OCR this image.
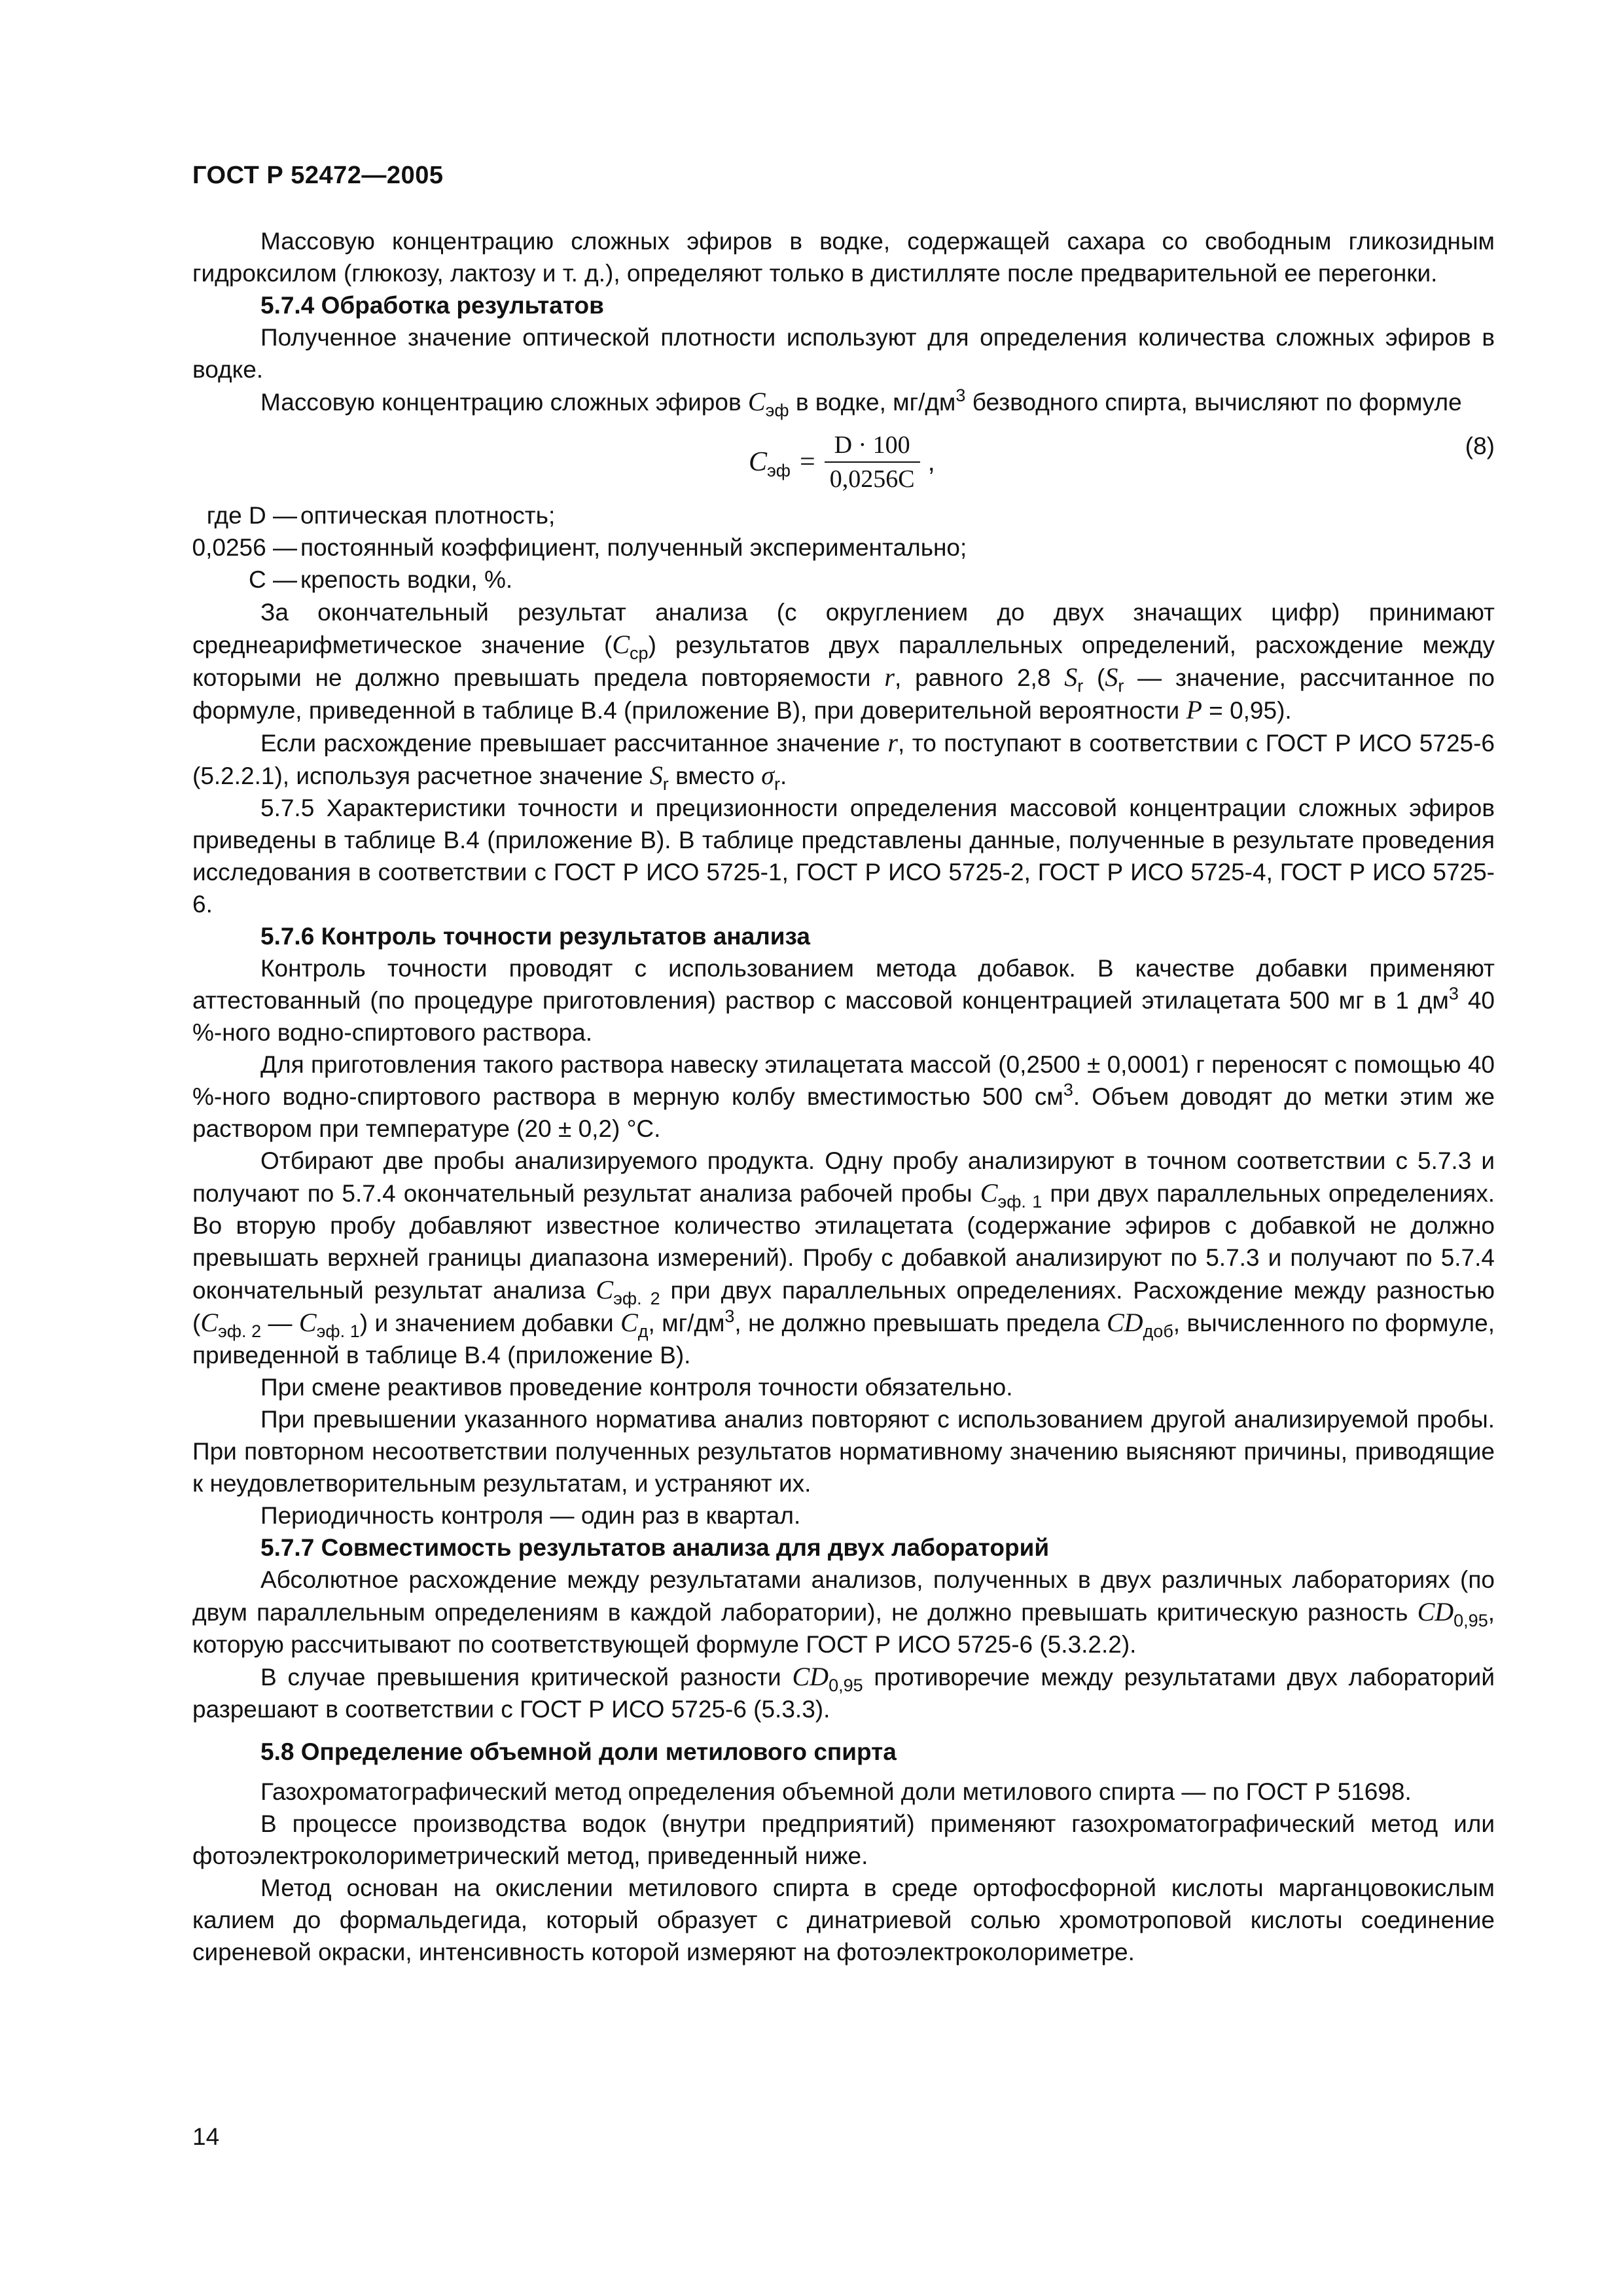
ГОСТ Р 52472—2005

Массовую концентрацию сложных эфиров в водке, содержащей сахара со свободным гликозидным гидроксилом (глюкозу, лактозу и т. д.), определяют только в дистилляте после предварительной ее перегонки.

5.7.4 Обработка результатов

Полученное значение оптической плотности используют для определения количества сложных эфиров в водке.

Массовую концентрацию сложных эфиров $C_{эф}$ в водке, $мг/дм^3$ безводного спирта, вычисляют по формуле

$C_{эф} = \frac{D \cdot 100}{0,0256C}$ ,
(8)
где D — оптическая плотность;
0,0256 — постоянный коэффициент, полученный экспериментально;
C — крепость водки, %.

За окончательный результат анализа (с округлением до двух значащих цифр) принимают среднеарифметическое значение $(C_{ср})$ результатов двух параллельных определений, расхождение между которыми не должно превышать предела повторяемости r, равного 2,8 $S_r$ ($S_r$ — значение, рассчитанное по формуле, приведенной в таблице В.4 (приложение В), при доверительной вероятности P = 0,95).

Если расхождение превышает рассчитанное значение r, то поступают в соответствии с ГОСТ Р ИСО 5725-6 (5.2.2.1), используя расчетное значение $S_r$ вместо $\sigma_r$.

5.7.5 Характеристики точности и прецизионности определения массовой концентрации сложных эфиров приведены в таблице В.4 (приложение В). В таблице представлены данные, полученные в результате проведения исследования в соответствии с ГОСТ Р ИСО 5725-1, ГОСТ Р ИСО 5725-2, ГОСТ Р ИСО 5725-4, ГОСТ Р ИСО 5725-6.

5.7.6 Контроль точности результатов анализа

Контроль точности проводят с использованием метода добавок. В качестве добавки применяют аттестованный (по процедуре приготовления) раствор с массовой концентрацией этилацетата 500 мг в 1 $дм^3$ 40 %-ного водно-спиртового раствора.

Для приготовления такого раствора навеску этилацетата массой (0,2500 ± 0,0001) г переносят с помощью 40 %-ного водно-спиртового раствора в мерную колбу вместимостью 500 $см^3$. Объем доводят до метки этим же раствором при температуре (20 ± 0,2) °С.

Отбирают две пробы анализируемого продукта. Одну пробу анализируют в точном соответствии с 5.7.3 и получают по 5.7.4 окончательный результат анализа рабочей пробы $C_{эф. 1}$ при двух параллельных определениях. Во вторую пробу добавляют известное количество этилацетата (содержание эфиров с добавкой не должно превышать верхней границы диапазона измерений). Пробу с добавкой анализируют по 5.7.3 и получают по 5.7.4 окончательный результат анализа $C_{эф. 2}$ при двух параллельных определениях. Расхождение между разностью ($C_{эф. 2}$ — $C_{эф. 1}$) и значением добавки $C_д$, $мг/дм^3$, не должно превышать предела $CD_{доб}$, вычисленного по формуле, приведенной в таблице В.4 (приложение В).

При смене реактивов проведение контроля точности обязательно.

При превышении указанного норматива анализ повторяют с использованием другой анализируемой пробы. При повторном несоответствии полученных результатов нормативному значению выясняют причины, приводящие к неудовлетворительным результатам, и устраняют их.

Периодичность контроля — один раз в квартал.

5.7.7 Совместимость результатов анализа для двух лабораторий

Абсолютное расхождение между результатами анализов, полученных в двух различных лабораториях (по двум параллельным определениям в каждой лаборатории), не должно превышать критическую разность $CD_{0,95}$, которую рассчитывают по соответствующей формуле ГОСТ Р ИСО 5725-6 (5.3.2.2).

В случае превышения критической разности $CD_{0,95}$ противоречие между результатами двух лабораторий разрешают в соответствии с ГОСТ Р ИСО 5725-6 (5.3.3).

5.8 Определение объемной доли метилового спирта

Газохроматографический метод определения объемной доли метилового спирта — по ГОСТ Р 51698.

В процессе производства водок (внутри предприятий) применяют газохроматографический метод или фотоэлектроколориметрический метод, приведенный ниже.

Метод основан на окислении метилового спирта в среде ортофосфорной кислоты марганцовокислым калием до формальдегида, который образует с динатриевой солью хромотроповой кислоты соединение сиреневой окраски, интенсивность которой измеряют на фотоэлектроколориметре.

14
